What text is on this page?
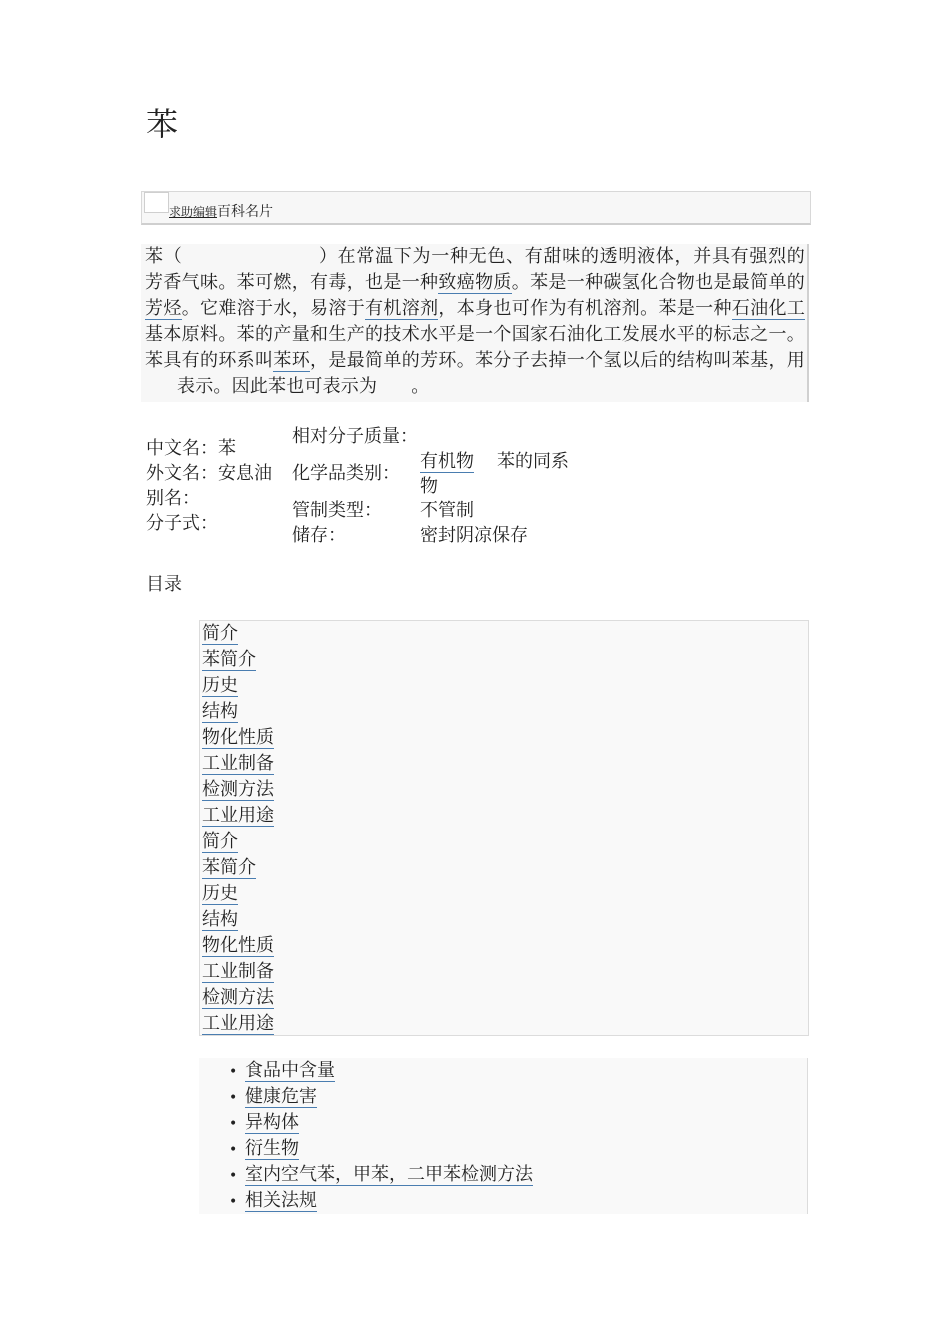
苯
求助编辑百科名片

苯（	）在常温下为一种无色、有甜味的透明液体，并具有强烈的芳香气味。苯可燃，有毒，也是一种致癌物质。苯是一种碳氢化合物也是最简单的芳烃。它难溶于水，易溶于有机溶剂，本身也可作为有机溶剂。苯是一种石油化工基本原料。苯的产量和生产的技术水平是一个国家石油化工发展水平的标志之一。苯具有的环系叫苯环，是最简单的芳环。苯分子去掉一个氢以后的结构叫苯基，用表示。因此苯也可表示为 。

中文名：苯
外文名：安息油
别名：
分子式：
相对分子质量：
化学品类别：
有机物 苯的同系
物
管制类型： 不管制
储存：	密封阴凉保存
目录
简介
苯简介
历史
结构
物化性质
工业制备
检测方法
工业用途
简介
苯简介
历史
结构
物化性质
工业制备
检测方法
工业用途
• 食品中含量
• 健康危害
• 异构体
• 衍生物
• 室内空气苯，甲苯，二甲苯检测方法
• 相关法规
